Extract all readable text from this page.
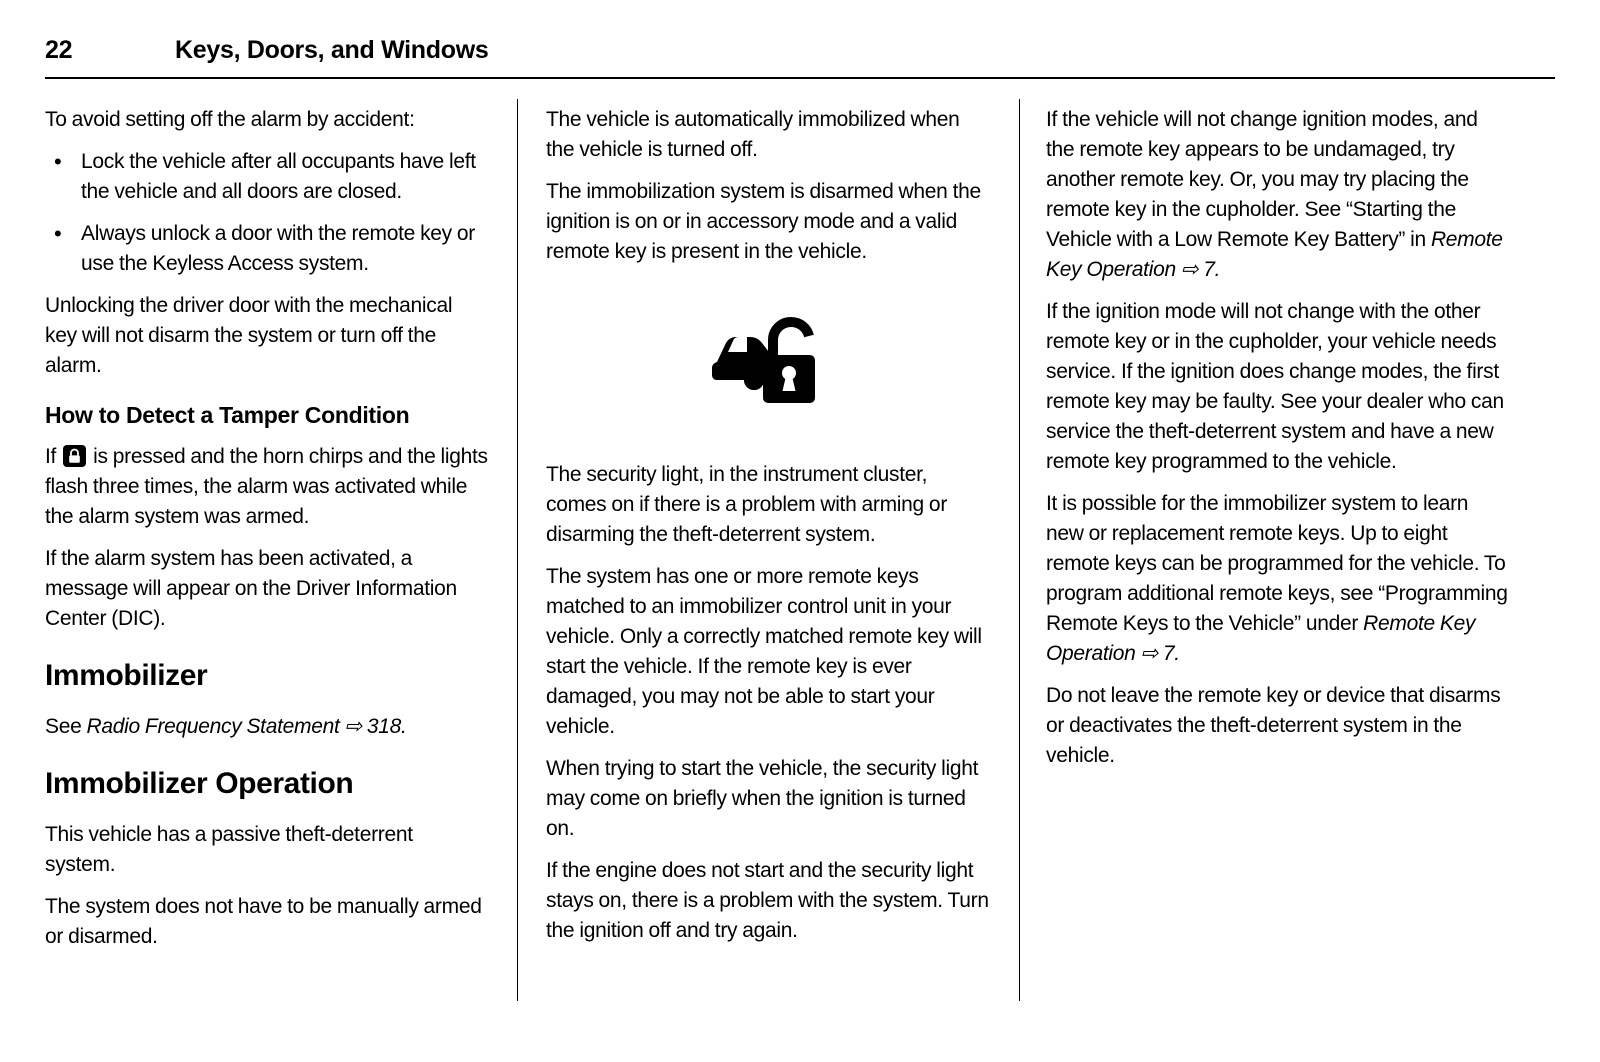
22	Keys, Doors, and Windows

To avoid setting off the alarm by accident:

• Lock the vehicle after all occupants have left the vehicle and all doors are closed.
• Always unlock a door with the remote key or use the Keyless Access system.

Unlocking the driver door with the mechanical key will not disarm the system or turn off the alarm.

How to Detect a Tamper Condition

If is pressed and the horn chirps and the lights flash three times, the alarm was activated while the alarm system was armed.

If the alarm system has been activated, a message will appear on the Driver Information Center (DIC).

Immobilizer

See Radio Frequency Statement ⇨ 318.

Immobilizer Operation

This vehicle has a passive theft-deterrent system.

The system does not have to be manually armed or disarmed.

The vehicle is automatically immobilized when the vehicle is turned off.

The immobilization system is disarmed when the ignition is on or in accessory mode and a valid remote key is present in the vehicle.

The security light, in the instrument cluster, comes on if there is a problem with arming or disarming the theft-deterrent system.

The system has one or more remote keys matched to an immobilizer control unit in your vehicle. Only a correctly matched remote key will start the vehicle. If the remote key is ever damaged, you may not be able to start your vehicle.

When trying to start the vehicle, the security light may come on briefly when the ignition is turned on.

If the engine does not start and the security light stays on, there is a problem with the system. Turn the ignition off and try again.

If the vehicle will not change ignition modes, and the remote key appears to be undamaged, try another remote key. Or, you may try placing the remote key in the cupholder. See “Starting the Vehicle with a Low Remote Key Battery” in Remote Key Operation ⇨ 7.

If the ignition mode will not change with the other remote key or in the cupholder, your vehicle needs service. If the ignition does change modes, the first remote key may be faulty. See your dealer who can service the theft-deterrent system and have a new remote key programmed to the vehicle.

It is possible for the immobilizer system to learn new or replacement remote keys. Up to eight remote keys can be programmed for the vehicle. To program additional remote keys, see “Programming Remote Keys to the Vehicle” under Remote Key Operation ⇨ 7.

Do not leave the remote key or device that disarms or deactivates the theft-deterrent system in the vehicle.
